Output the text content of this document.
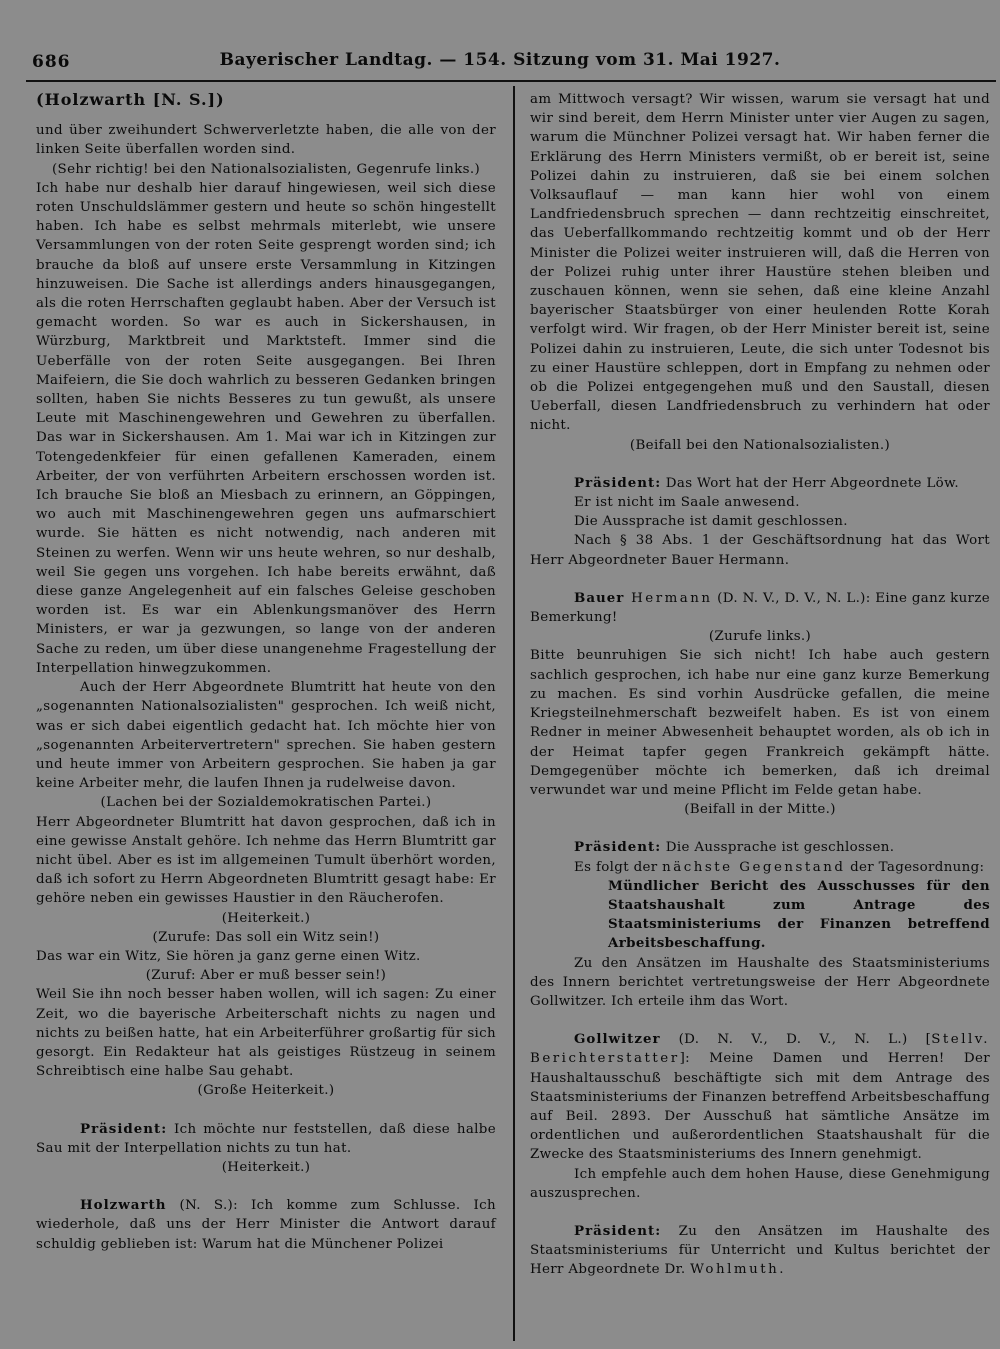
686	Bayerischer Landtag. — 154. Sitzung vom 31. Mai 1927.

(Holzwarth [N. S.])

und über zweihundert Schwerverletzte haben, die alle von der linken Seite überfallen worden sind.

(Sehr richtig! bei den Nationalsozialisten, Gegenrufe links.)

Ich habe nur deshalb hier darauf hingewiesen, weil sich diese roten Unschuldslämmer gestern und heute so schön hingestellt haben. Ich habe es selbst mehrmals miterlebt, wie unsere Versammlungen von der roten Seite gesprengt worden sind; ich brauche da bloß auf unsere erste Versammlung in Kitzingen hinzuweisen. Die Sache ist allerdings anders hinausgegangen, als die roten Herrschaften geglaubt haben. Aber der Versuch ist gemacht worden. So war es auch in Sickershausen, in Würzburg, Marktbreit und Marktsteft. Immer sind die Ueberfälle von der roten Seite ausgegangen. Bei Ihren Maifeiern, die Sie doch wahrlich zu besseren Gedanken bringen sollten, haben Sie nichts Besseres zu tun gewußt, als unsere Leute mit Maschinengewehren und Gewehren zu überfallen. Das war in Sickershausen. Am 1. Mai war ich in Kitzingen zur Totengedenkfeier für einen gefallenen Kameraden, einem Arbeiter, der von verführten Arbeitern erschossen worden ist. Ich brauche Sie bloß an Miesbach zu erinnern, an Göppingen, wo auch mit Maschinengewehren gegen uns aufmarschiert wurde. Sie hätten es nicht notwendig, nach anderen mit Steinen zu werfen. Wenn wir uns heute wehren, so nur deshalb, weil Sie gegen uns vorgehen. Ich habe bereits erwähnt, daß diese ganze Angelegenheit auf ein falsches Geleise geschoben worden ist. Es war ein Ablenkungsmanöver des Herrn Ministers, er war ja gezwungen, so lange von der anderen Sache zu reden, um über diese unangenehme Fragestellung der Interpellation hinwegzukommen.

Auch der Herr Abgeordnete Blumtritt hat heute von den „sogenannten Nationalsozialisten" gesprochen. Ich weiß nicht, was er sich dabei eigentlich gedacht hat. Ich möchte hier von „sogenannten Arbeitervertretern" sprechen. Sie haben gestern und heute immer von Arbeitern gesprochen. Sie haben ja gar keine Arbeiter mehr, die laufen Ihnen ja rudelweise davon.

(Lachen bei der Sozialdemokratischen Partei.)

Herr Abgeordneter Blumtritt hat davon gesprochen, daß ich in eine gewisse Anstalt gehöre. Ich nehme das Herrn Blumtritt gar nicht übel. Aber es ist im allgemeinen Tumult überhört worden, daß ich sofort zu Herrn Abgeordneten Blumtritt gesagt habe: Er gehöre neben ein gewisses Haustier in den Räucherofen.

(Heiterkeit.)

(Zurufe: Das soll ein Witz sein!)

Das war ein Witz, Sie hören ja ganz gerne einen Witz.

(Zuruf: Aber er muß besser sein!)

Weil Sie ihn noch besser haben wollen, will ich sagen: Zu einer Zeit, wo die bayerische Arbeiterschaft nichts zu nagen und nichts zu beißen hatte, hat ein Arbeiterführer großartig für sich gesorgt. Ein Redakteur hat als geistiges Rüstzeug in seinem Schreibtisch eine halbe Sau gehabt.

(Große Heiterkeit.)

Präsident: Ich möchte nur feststellen, daß diese halbe Sau mit der Interpellation nichts zu tun hat.

(Heiterkeit.)

Holzwarth (N. S.): Ich komme zum Schlusse. Ich wiederhole, daß uns der Herr Minister die Antwort darauf schuldig geblieben ist: Warum hat die Münchener Polizei

am Mittwoch versagt? Wir wissen, warum sie versagt hat und wir sind bereit, dem Herrn Minister unter vier Augen zu sagen, warum die Münchner Polizei versagt hat. Wir haben ferner die Erklärung des Herrn Ministers vermißt, ob er bereit ist, seine Polizei dahin zu instruieren, daß sie bei einem solchen Volksauflauf — man kann hier wohl von einem Landfriedensbruch sprechen — dann rechtzeitig einschreitet, das Ueberfallkommando rechtzeitig kommt und ob der Herr Minister die Polizei weiter instruieren will, daß die Herren von der Polizei ruhig unter ihrer Haustüre stehen bleiben und zuschauen können, wenn sie sehen, daß eine kleine Anzahl bayerischer Staatsbürger von einer heulenden Rotte Korah verfolgt wird. Wir fragen, ob der Herr Minister bereit ist, seine Polizei dahin zu instruieren, Leute, die sich unter Todesnot bis zu einer Haustüre schleppen, dort in Empfang zu nehmen oder ob die Polizei entgegengehen muß und den Saustall, diesen Ueberfall, diesen Landfriedensbruch zu verhindern hat oder nicht.

(Beifall bei den Nationalsozialisten.)

Präsident: Das Wort hat der Herr Abgeordnete Löw.

Er ist nicht im Saale anwesend.

Die Aussprache ist damit geschlossen.

Nach § 38 Abs. 1 der Geschäftsordnung hat das Wort Herr Abgeordneter Bauer Hermann.

Bauer Hermann (D. N. V., D. V., N. L.): Eine ganz kurze Bemerkung!

(Zurufe links.)

Bitte beunruhigen Sie sich nicht! Ich habe auch gestern sachlich gesprochen, ich habe nur eine ganz kurze Bemerkung zu machen. Es sind vorhin Ausdrücke gefallen, die meine Kriegsteilnehmerschaft bezweifelt haben. Es ist von einem Redner in meiner Abwesenheit behauptet worden, als ob ich in der Heimat tapfer gegen Frankreich gekämpft hätte. Demgegenüber möchte ich bemerken, daß ich dreimal verwundet war und meine Pflicht im Felde getan habe.

(Beifall in der Mitte.)

Präsident: Die Aussprache ist geschlossen.

Es folgt der nächste Gegenstand der Tagesordnung:

Mündlicher Bericht des Ausschusses für den Staatshaushalt zum Antrage des Staatsministeriums der Finanzen betreffend Arbeitsbeschaffung.

Zu den Ansätzen im Haushalte des Staatsministeriums des Innern berichtet vertretungsweise der Herr Abgeordnete Gollwitzer. Ich erteile ihm das Wort.

Gollwitzer (D. N. V., D. V., N. L.) [Stellv. Berichterstatter]: Meine Damen und Herren! Der Haushaltausschuß beschäftigte sich mit dem Antrage des Staatsministeriums der Finanzen betreffend Arbeitsbeschaffung auf Beil. 2893. Der Ausschuß hat sämtliche Ansätze im ordentlichen und außerordentlichen Staatshaushalt für die Zwecke des Staatsministeriums des Innern genehmigt.

Ich empfehle auch dem hohen Hause, diese Genehmigung auszusprechen.

Präsident: Zu den Ansätzen im Haushalte des Staatsministeriums für Unterricht und Kultus berichtet der Herr Abgeordnete Dr. Wohlmuth.
